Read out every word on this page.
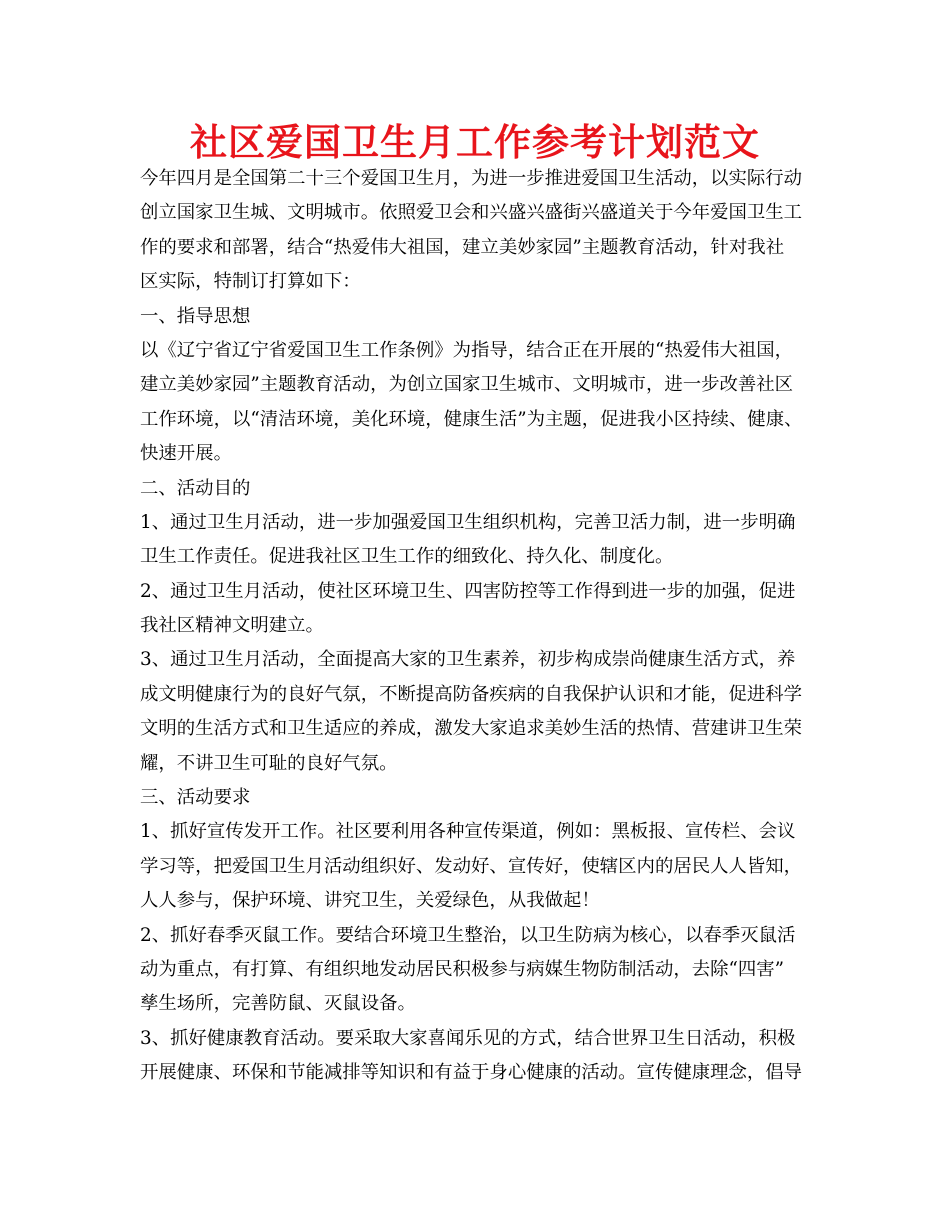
社区爱国卫生月工作参考计划范文
今年四月是全国第二十三个爱国卫生月，为进一步推进爱国卫生活动，以实际行动
创立国家卫生城、文明城市。依照爱卫会和兴盛兴盛街兴盛道关于今年爱国卫生工
作的要求和部署，结合“热爱伟大祖国，建立美妙家园”主题教育活动，针对我社
区实际，特制订打算如下：
一、指导思想
以《辽宁省辽宁省爱国卫生工作条例》为指导，结合正在开展的“热爱伟大祖国，
建立美妙家园”主题教育活动，为创立国家卫生城市、文明城市，进一步改善社区
工作环境，以“清洁环境，美化环境，健康生活”为主题，促进我小区持续、健康、
快速开展。
二、活动目的
1、通过卫生月活动，进一步加强爱国卫生组织机构，完善卫活力制，进一步明确
卫生工作责任。促进我社区卫生工作的细致化、持久化、制度化。
2、通过卫生月活动，使社区环境卫生、四害防控等工作得到进一步的加强，促进
我社区精神文明建立。
3、通过卫生月活动，全面提高大家的卫生素养，初步构成崇尚健康生活方式，养
成文明健康行为的良好气氛，不断提高防备疾病的自我保护认识和才能，促进科学
文明的生活方式和卫生适应的养成，激发大家追求美妙生活的热情、营建讲卫生荣
耀，不讲卫生可耻的良好气氛。
三、活动要求
1、抓好宣传发开工作。社区要利用各种宣传渠道，例如：黑板报、宣传栏、会议
学习等，把爱国卫生月活动组织好、发动好、宣传好，使辖区内的居民人人皆知，
人人参与，保护环境、讲究卫生，关爱绿色，从我做起！
2、抓好春季灭鼠工作。要结合环境卫生整治，以卫生防病为核心，以春季灭鼠活
动为重点，有打算、有组织地发动居民积极参与病媒生物防制活动，去除“四害”
孳生场所，完善防鼠、灭鼠设备。
3、抓好健康教育活动。要采取大家喜闻乐见的方式，结合世界卫生日活动，积极
开展健康、环保和节能减排等知识和有益于身心健康的活动。宣传健康理念，倡导
